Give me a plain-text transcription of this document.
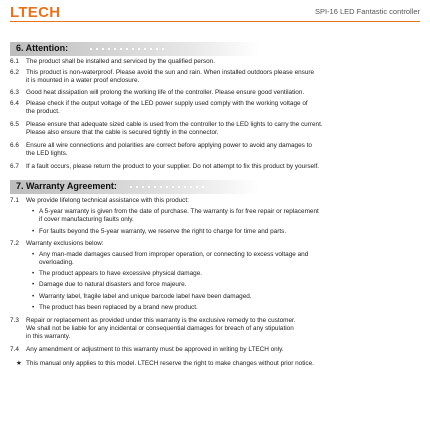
LTECH	SPI-16 LED Fantastic controller
6. Attention:
6.1	The product shall be installed and serviced by the qualified person.
6.2	This product is non-waterproof. Please avoid the sun and rain. When installed outdoors please ensure
it is mounted in a water proof enclosure.
6.3	Good heat dissipation will prolong the working life of the controller. Please ensure good ventilation.
6.4	Please check if the output voltage of the LED power supply used comply with the working voltage of
the product.
6.5	Please ensure that adequate sized cable is used from the controller to the LED lights to carry the current.
Please also ensure that the cable is secured tightly in the connector.
6.6	Ensure all wire connections and polarities are correct before applying power to avoid any damages to
the LED lights.
6.7	If a fault occurs, please return the product to your supplier. Do not attempt to fix this product by yourself.
7. Warranty Agreement:
7.1	We provide lifelong technical assistance with this product:
• A 5-year warranty is given from the date of purchase. The warranty is for free repair or replacement
if cover manufacturing faults only.
• For faults beyond the 5-year warranty, we reserve the right to charge for time and parts.
7.2	Warranty exclusions below:
• Any man-made damages caused from improper operation, or connecting to excess voltage and
overloading.
• The product appears to have excessive physical damage.
• Damage due to natural disasters and force majeure.
• Warranty label, fragile label and unique barcode label have been damaged.
• The product has been replaced by a brand new product.
7.3	Repair or replacement as provided under this warranty is the exclusive remedy to the customer.
We shall not be liable for any incidental or consequential damages for breach of any stipulation
in this warranty.
7.4	Any amendment or adjustment to this warranty must be approved in writing by LTECH only.
★ This manual only applies to this model. LTECH reserve the right to make changes without prior notice.
